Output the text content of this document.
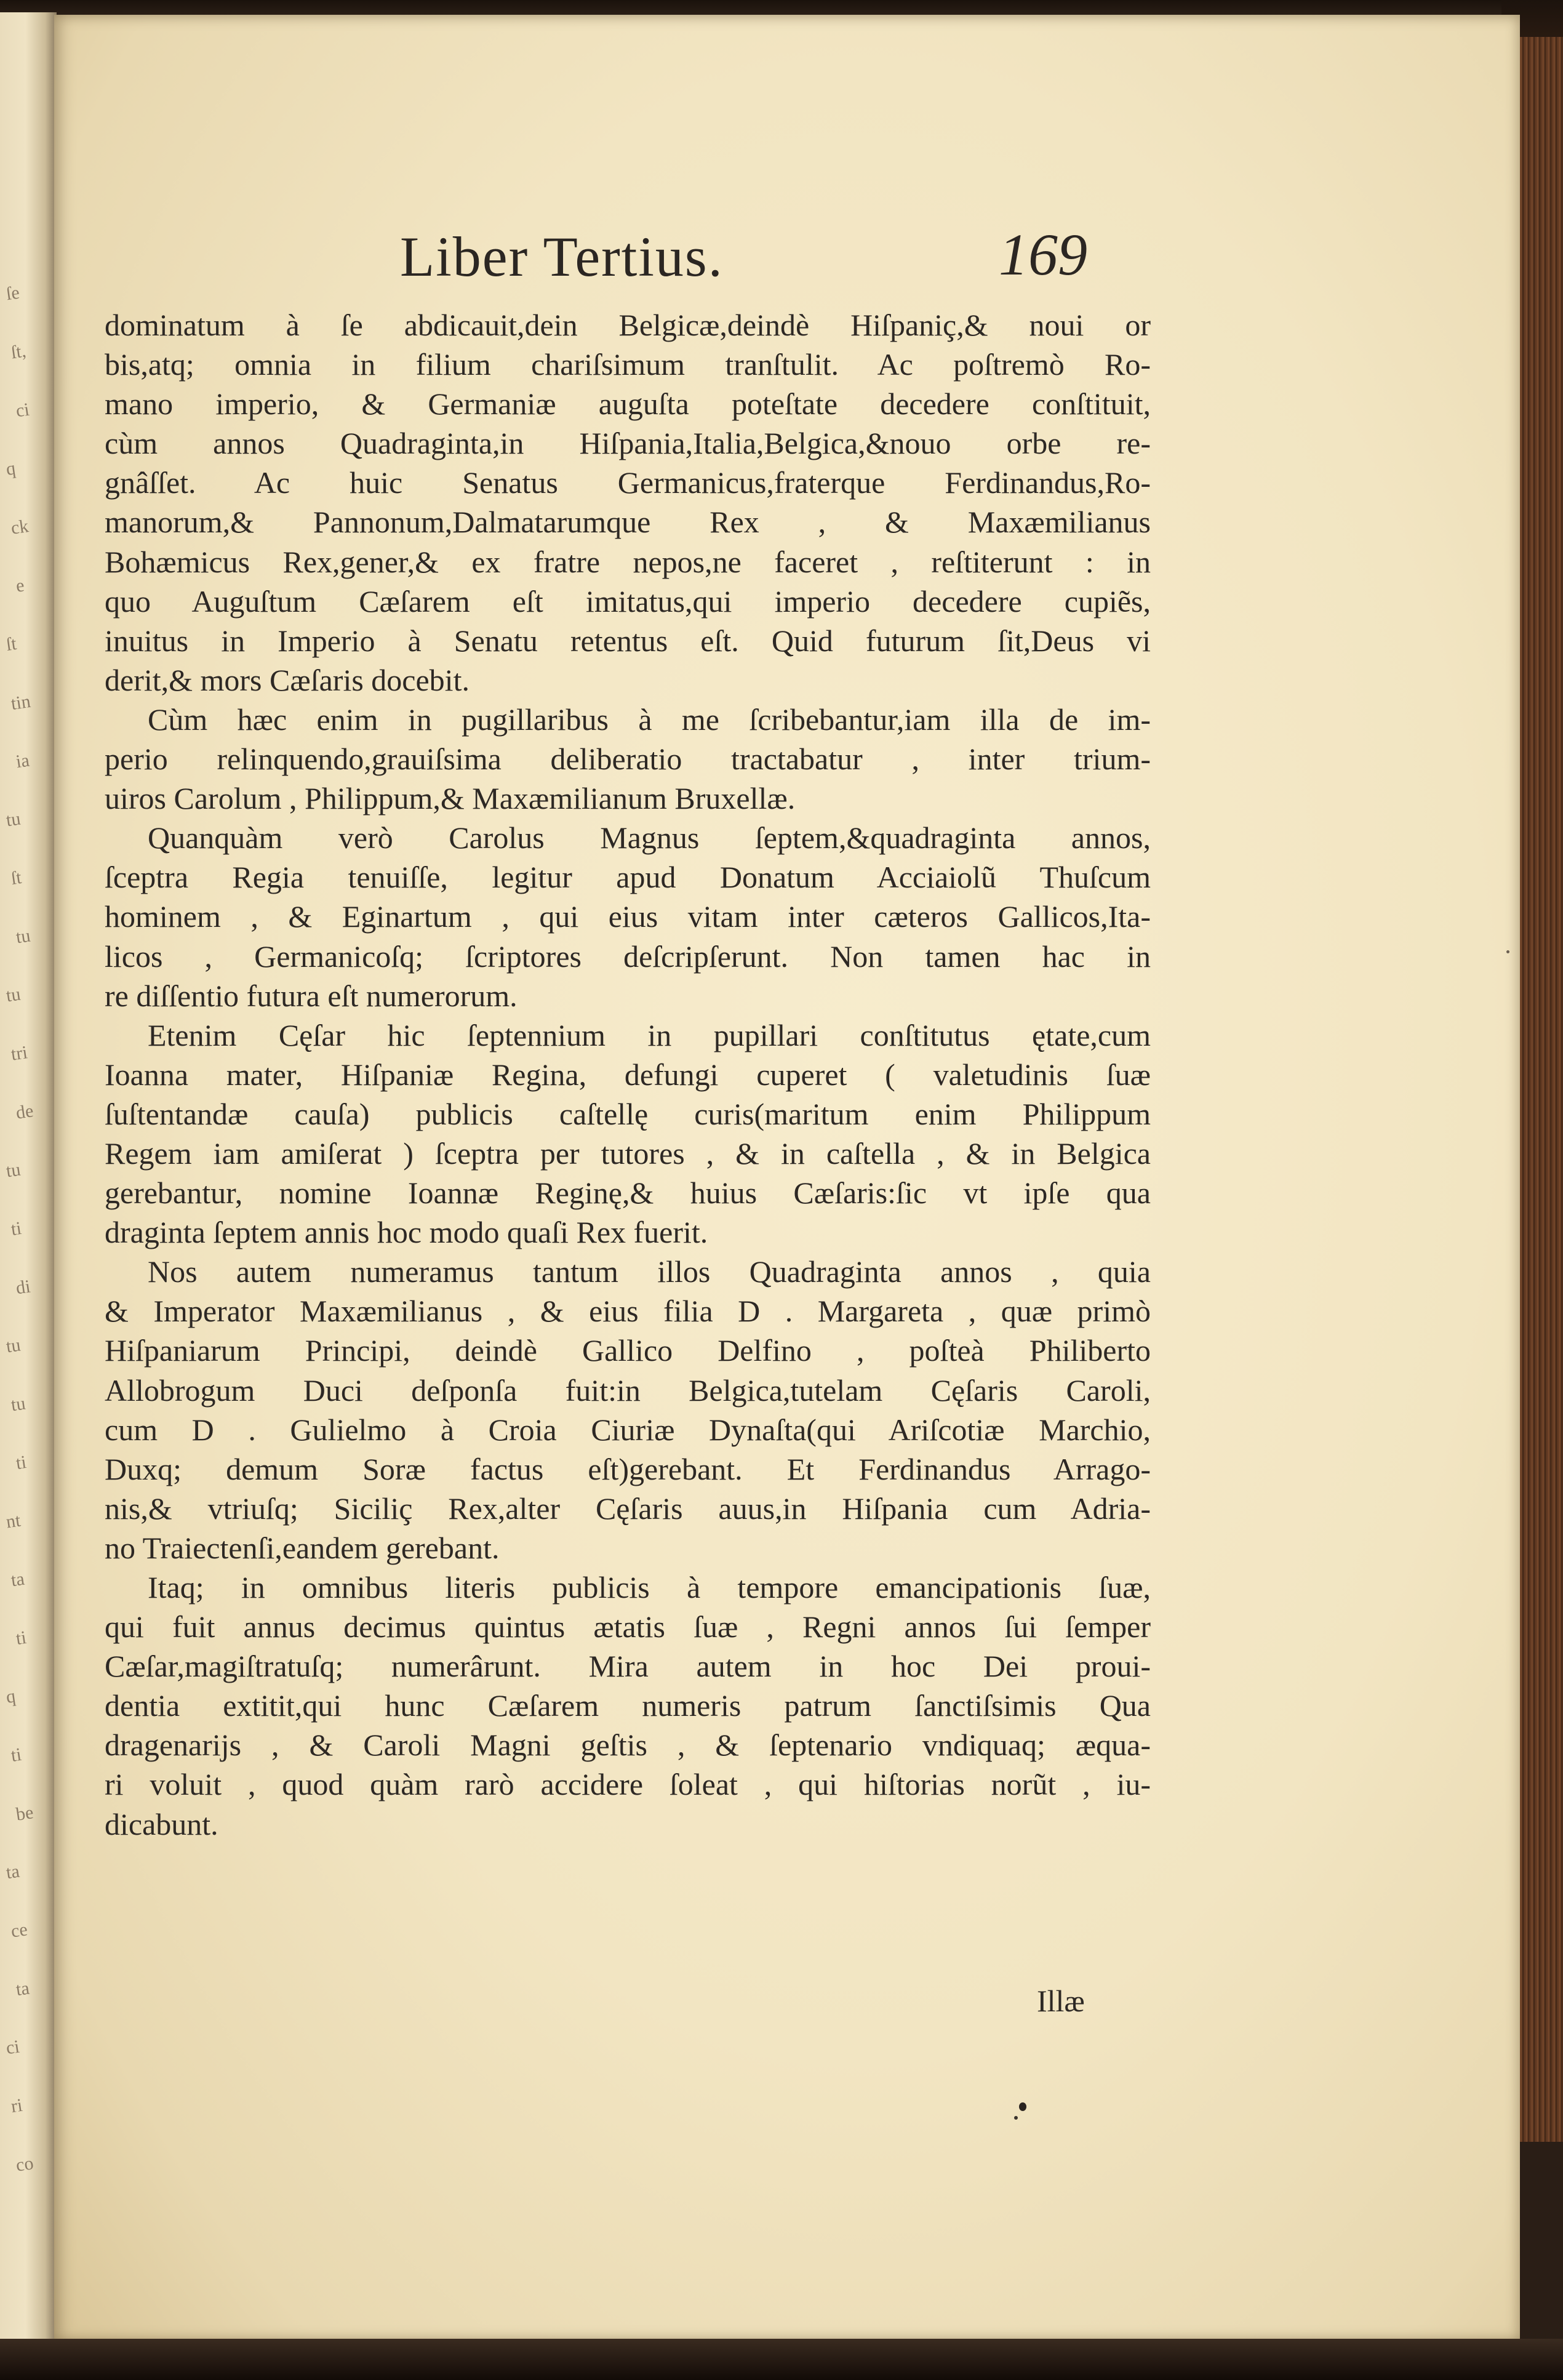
ſe
ſt,
ci
q
ck
e
ſt
tin
ia
tu
ſt
tu
tu
tri
de
tu
ti
di
tu
tu
ti
nt
ta
ti
q
ti
be
ta
ce
ta
ci
ri
co
Liber Tertius.	169
dominatum à ſe abdicauit,dein Belgicæ,deindè Hiſpaniç,& noui or
bis,atq; omnia in filium chariſsimum tranſtulit. Ac poſtremò Ro-
mano imperio, & Germaniæ auguſta poteſtate decedere conſtituit,
cùm annos Quadraginta,in Hiſpania,Italia,Belgica,&nouo orbe re-
gnâſſet. Ac huic Senatus Germanicus,fraterque Ferdinandus,Ro-
manorum,& Pannonum,Dalmatarumque Rex , & Maxæmilianus
Bohæmicus Rex,gener,& ex fratre nepos,ne faceret , reſtiterunt : in
quo Auguſtum Cæſarem eſt imitatus,qui imperio decedere cupiẽs,
inuitus in Imperio à Senatu retentus eſt. Quid futurum ſit,Deus vi
derit,& mors Cæſaris docebit.
Cùm hæc enim in pugillaribus à me ſcribebantur,iam illa de im-
perio relinquendo,grauiſsima deliberatio tractabatur , inter trium-
uiros Carolum , Philippum,& Maxæmilianum Bruxellæ.
Quanquàm verò Carolus Magnus ſeptem,&quadraginta annos,
ſceptra Regia tenuiſſe, legitur apud Donatum Acciaiolũ Thuſcum
hominem , & Eginartum , qui eius vitam inter cæteros Gallicos,Ita-
licos , Germanicoſq; ſcriptores deſcripſerunt. Non tamen hac in
re diſſentio futura eſt numerorum.
Etenim Cęſar hic ſeptennium in pupillari conſtitutus ętate,cum
Ioanna mater, Hiſpaniæ Regina, defungi cuperet ( valetudinis ſuæ
ſuſtentandæ cauſa) publicis caſtellę curis(maritum enim Philippum
Regem iam amiſerat ) ſceptra per tutores , & in caſtella , & in Belgica
gerebantur, nomine Ioannæ Reginę,& huius Cæſaris:ſic vt ipſe qua
draginta ſeptem annis hoc modo quaſi Rex fuerit.
Nos autem numeramus tantum illos Quadraginta annos , quia
& Imperator Maxæmilianus , & eius filia D . Margareta , quæ primò
Hiſpaniarum Principi, deindè Gallico Delfino , poſteà Philiberto
Allobrogum Duci deſponſa fuit:in Belgica,tutelam Cęſaris Caroli,
cum D . Gulielmo à Croia Ciuriæ Dynaſta(qui Ariſcotiæ Marchio,
Duxq; demum Soræ factus eſt)gerebant. Et Ferdinandus Arrago-
nis,& vtriuſq; Siciliç Rex,alter Cęſaris auus,in Hiſpania cum Adria-
no Traiectenſi,eandem gerebant.
Itaq; in omnibus literis publicis à tempore emancipationis ſuæ,
qui fuit annus decimus quintus ætatis ſuæ , Regni annos ſui ſemper
Cæſar,magiſtratuſq; numerârunt. Mira autem in hoc Dei proui-
dentia extitit,qui hunc Cæſarem numeris patrum ſanctiſsimis Qua
dragenarijs , & Caroli Magni geſtis , & ſeptenario vndiquaq; æqua-
ri voluit , quod quàm rarò accidere ſoleat , qui hiſtorias norũt , iu-
dicabunt.
Illæ
